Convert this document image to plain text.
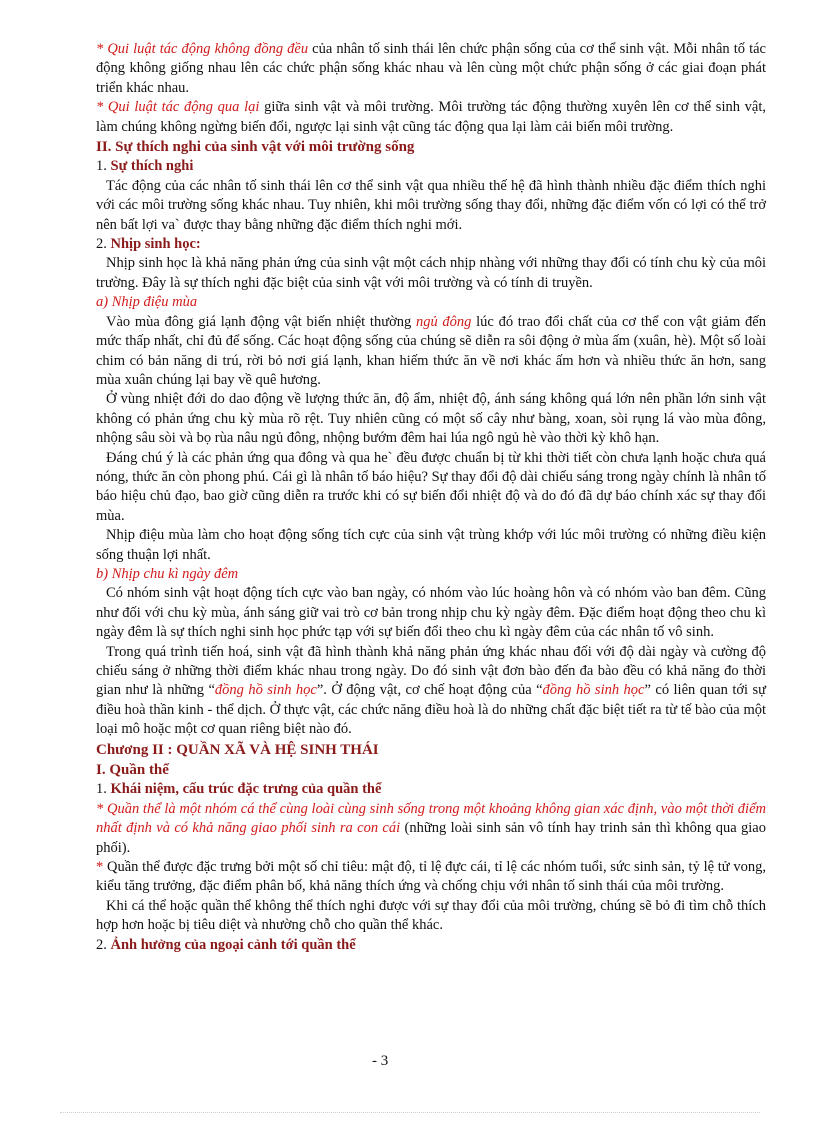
* Qui luật tác động không đồng đều của nhân tố sinh thái lên chức phận sống của cơ thể sinh vật. Mỗi nhân tố tác động không giống nhau lên các chức phận sống khác nhau và lên cùng một chức phận sống ở các giai đoạn phát triển khác nhau.

* Qui luật tác động qua lại giữa sinh vật và môi trường. Môi trường tác động thường xuyên lên cơ thể sinh vật, làm chúng không ngừng biến đổi, ngược lại sinh vật cũng tác động qua lại làm cải biến môi trường.

II. Sự thích nghi của sinh vật với môi trường sống

1. Sự thích nghi

Tác động của các nhân tố sinh thái lên cơ thể sinh vật qua nhiều thế hệ đã hình thành nhiều đặc điểm thích nghi với các môi trường sống khác nhau. Tuy nhiên, khi môi trường sống thay đổi, những đặc điểm vốn có lợi có thể trở nên bất lợi va` được thay bằng những đặc điểm thích nghi mới.

2. Nhịp sinh học:

Nhịp sinh học là khả năng phản ứng của sinh vật một cách nhịp nhàng với những thay đổi có tính chu kỳ của môi trường. Đây là sự thích nghi đặc biệt của sinh vật với môi trường và có tính di truyền.

a) Nhịp điệu mùa

Vào mùa đông giá lạnh động vật biến nhiệt thường ngủ đông lúc đó trao đổi chất của cơ thể con vật giảm đến mức thấp nhất, chỉ đủ để sống. Các hoạt động sống của chúng sẽ diễn ra sôi động ở mùa ấm (xuân, hè). Một số loài chim có bản năng di trú, rời bỏ nơi giá lạnh, khan hiếm thức ăn về nơi khác ấm hơn và nhiều thức ăn hơn, sang mùa xuân chúng lại bay về quê hương.

Ở vùng nhiệt đới do dao động về lượng thức ăn, độ ẩm, nhiệt độ, ánh sáng không quá lớn nên phần lớn sinh vật không có phản ứng chu kỳ mùa rõ rệt. Tuy nhiên cũng có một số cây như bàng, xoan, sòi rụng lá vào mùa đông, nhộng sâu sòi và bọ rùa nâu ngủ đông, nhộng bướm đêm hai lúa ngô ngủ hè vào thời kỳ khô hạn.

Đáng chú ý là các phản ứng qua đông và qua he` đều được chuẩn bị từ khi thời tiết còn chưa lạnh hoặc chưa quá nóng, thức ăn còn phong phú. Cái gì là nhân tố báo hiệu? Sự thay đổi độ dài chiếu sáng trong ngày chính là nhân tố báo hiệu chủ đạo, bao giờ cũng diễn ra trước khi có sự biến đổi nhiệt độ và do đó đã dự báo chính xác sự thay đổi mùa.

Nhịp điệu mùa làm cho hoạt động sống tích cực của sinh vật trùng khớp với lúc môi trường có những điều kiện sống thuận lợi nhất.

b) Nhịp chu kì ngày đêm

Có nhóm sinh vật hoạt động tích cực vào ban ngày, có nhóm vào lúc hoàng hôn và có nhóm vào ban đêm. Cũng như đối với chu kỳ mùa, ánh sáng giữ vai trò cơ bản trong nhịp chu kỳ ngày đêm. Đặc điểm hoạt động theo chu kì ngày đêm là sự thích nghi sinh học phức tạp với sự biến đổi theo chu kì ngày đêm của các nhân tố vô sinh.

Trong quá trình tiến hoá, sinh vật đã hình thành khả năng phản ứng khác nhau đối với độ dài ngày và cường độ chiếu sáng ở những thời điểm khác nhau trong ngày. Do đó sinh vật đơn bào đến đa bào đều có khả năng đo thời gian như là những “đồng hồ sinh học”. Ở động vật, cơ chế hoạt động của “đồng hồ sinh học” có liên quan tới sự điều hoà thần kinh - thể dịch. Ở thực vật, các chức năng điều hoà là do những chất đặc biệt tiết ra từ tế bào của một loại mô hoặc một cơ quan riêng biệt nào đó.

Chương II : QUẦN XÃ VÀ HỆ SINH THÁI

I. Quần thể

1. Khái niệm, cấu trúc đặc trưng của quần thể

* Quần thể là một nhóm cá thể cùng loài cùng sinh sống trong một khoảng không gian xác định, vào một thời điểm nhất định và có khả năng giao phối sinh ra con cái (những loài sinh sản vô tính hay trinh sản thì không qua giao phối).

* Quần thể được đặc trưng bởi một số chỉ tiêu: mật độ, tỉ lệ đực cái, tỉ lệ các nhóm tuổi, sức sinh sản, tỷ lệ tử vong, kiểu tăng trưởng, đặc điểm phân bố, khả năng thích ứng và chống chịu với nhân tố sinh thái của môi trường.

Khi cá thể hoặc quần thể không thể thích nghi được với sự thay đổi của môi trường, chúng sẽ bỏ đi tìm chỗ thích hợp hơn hoặc bị tiêu diệt và nhường chỗ cho quần thể khác.

2. Ảnh hưởng của ngoại cảnh tới quần thể

- 3
